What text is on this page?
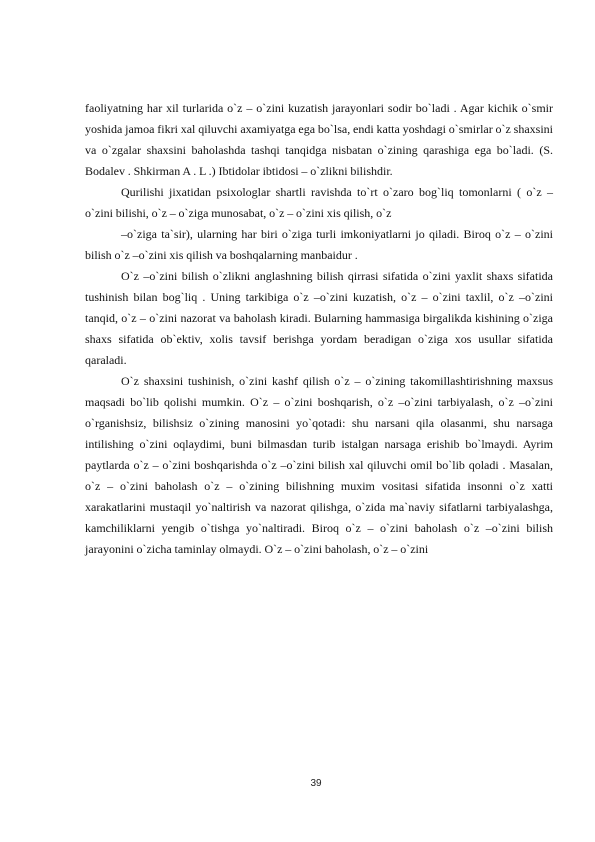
faoliyatning har xil turlarida o`z – o`zini kuzatish jarayonlari sodir bo`ladi . Agar kichik o`smir yoshida jamoa fikri xal qiluvchi axamiyatga ega bo`lsa, endi katta yoshdagi o`smirlar o`z shaxsini va o`zgalar shaxsini baholashda tashqi tanqidga nisbatan o`zining qarashiga ega bo`ladi. (S. Bodalev . Shkirman A . L .) Ibtidolar ibtidosi – o`zlikni bilishdir.

Qurilishi jixatidan psixologlar shartli ravishda to`rt o`zaro bog`liq tomonlarni ( o`z – o`zini bilishi, o`z – o`ziga munosabat, o`z – o`zini xis qilish, o`z

–o`ziga ta`sir), ularning har biri o`ziga turli imkoniyatlarni jo qiladi. Biroq o`z – o`zini bilish o`z –o`zini xis qilish va boshqalarning manbaidur .

O`z –o`zini bilish o`zlikni anglashning bilish qirrasi sifatida o`zini yaxlit shaxs sifatida tushinish bilan bog`liq . Uning tarkibiga o`z –o`zini kuzatish, o`z – o`zini taxlil, o`z –o`zini tanqid, o`z – o`zini nazorat va baholash kiradi. Bularning hammasiga birgalikda kishining o`ziga shaxs sifatida ob`ektiv, xolis tavsif berishga yordam beradigan o`ziga xos usullar sifatida qaraladi.

O`z shaxsini tushinish, o`zini kashf qilish o`z – o`zining takomillashtirishning maxsus maqsadi bo`lib qolishi mumkin. O`z – o`zini boshqarish, o`z –o`zini tarbiyalash, o`z –o`zini o`rganishsiz, bilishsiz o`zining manosini yo`qotadi: shu narsani qila olasanmi, shu narsaga intilishing o`zini oqlaydimi, buni bilmasdan turib istalgan narsaga erishib bo`lmaydi. Ayrim paytlarda o`z – o`zini boshqarishda o`z –o`zini bilish xal qiluvchi omil bo`lib qoladi . Masalan, o`z – o`zini baholash o`z – o`zining bilishning muxim vositasi sifatida insonni o`z xatti xarakatlarini mustaqil yo`naltirish va nazorat qilishga, o`zida ma`naviy sifatlarni tarbiyalashga, kamchiliklarni yengib o`tishga yo`naltiradi. Biroq o`z – o`zini baholash o`z –o`zini bilish jarayonini o`zicha taminlay olmaydi. O`z – o`zini baholash, o`z – o`zini

39
